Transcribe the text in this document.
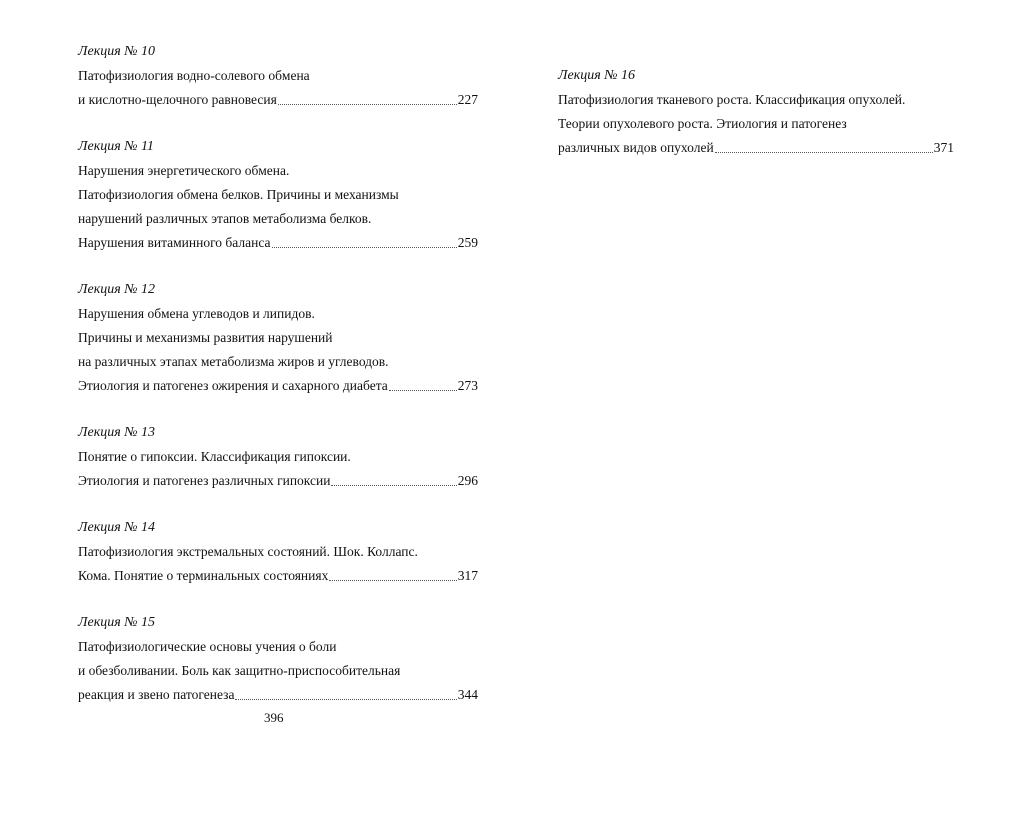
Лекция № 10
Патофизиология водно-солевого обмена
и кислотно-щелочного равновесия	227
Лекция № 11
Нарушения энергетического обмена.
Патофизиология обмена белков. Причины и механизмы
нарушений различных этапов метаболизма белков.
Нарушения витаминного баланса	259
Лекция № 12
Нарушения обмена углеводов и липидов.
Причины и механизмы развития нарушений
на различных этапах метаболизма жиров и углеводов.
Этиология и патогенез ожирения и сахарного диабета	273
Лекция № 13
Понятие о гипоксии. Классификация гипоксии.
Этиология и патогенез различных гипоксии	296
Лекция № 14
Патофизиология экстремальных состояний. Шок. Коллапс.
Кома. Понятие о терминальных состояниях	317
Лекция № 15
Патофизиологические основы учения о боли
и обезболивании. Боль как защитно-приспособительная
реакция и звено патогенеза	344
Лекция № 16
Патофизиология тканевого роста. Классификация опухолей.
Теории опухолевого роста. Этиология и патогенез
различных видов опухолей	371
396
